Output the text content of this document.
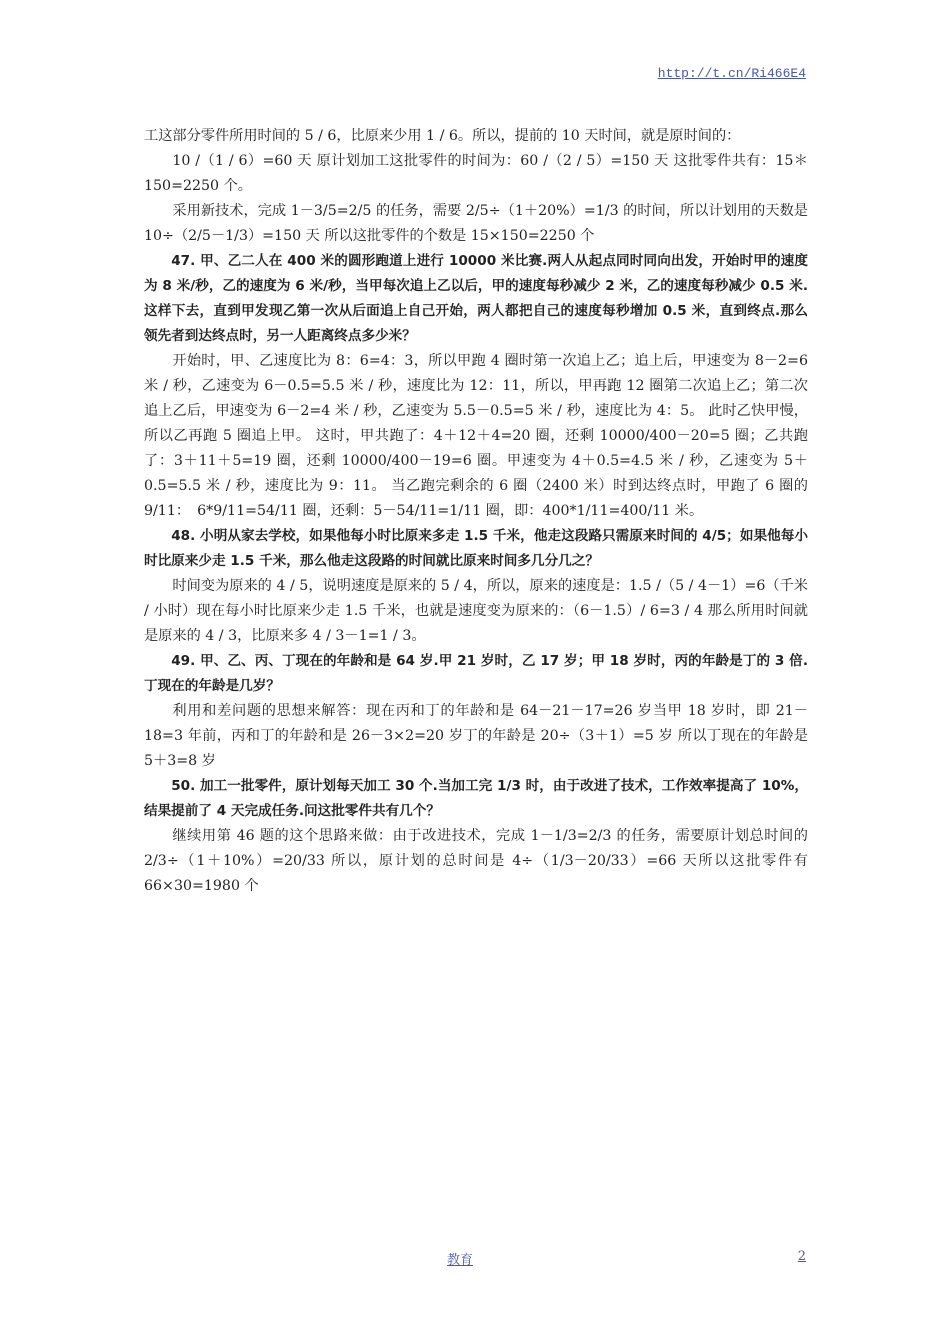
http://t.cn/Ri466E4

工这部分零件所用时间的 5 / 6，比原来少用 1 / 6。所以，提前的 10 天时间，就是原时间的：

10 /（1 / 6）=60 天 原计划加工这批零件的时间为：60 /（2 / 5）=150 天 这批零件共有：15＊150=2250 个。

采用新技术，完成 1－3/5=2/5 的任务，需要 2/5÷（1＋20%）=1/3 的时间，所以计划用的天数是 10÷（2/5－1/3）=150 天 所以这批零件的个数是 15×150=2250 个

47. 甲、乙二人在 400 米的圆形跑道上进行 10000 米比赛.两人从起点同时同向出发，开始时甲的速度为 8 米/秒，乙的速度为 6 米/秒，当甲每次追上乙以后，甲的速度每秒减少 2 米，乙的速度每秒减少 0.5 米.这样下去，直到甲发现乙第一次从后面追上自己开始，两人都把自己的速度每秒增加 0.5 米，直到终点.那么领先者到达终点时，另一人距离终点多少米？

开始时，甲、乙速度比为 8：6=4：3，所以甲跑 4 圈时第一次追上乙；追上后，甲速变为 8－2=6 米 / 秒，乙速变为 6－0.5=5.5 米 / 秒，速度比为 12：11，所以，甲再跑 12 圈第二次追上乙；第二次追上乙后，甲速变为 6－2=4 米 / 秒，乙速变为 5.5－0.5=5 米 / 秒，速度比为 4：5。 此时乙快甲慢，所以乙再跑 5 圈追上甲。 这时，甲共跑了：4＋12＋4=20 圈，还剩 10000/400－20=5 圈；乙共跑了：3＋11＋5=19 圈，还剩 10000/400－19=6 圈。甲速变为 4＋0.5=4.5 米 / 秒，乙速变为 5＋0.5=5.5 米 / 秒，速度比为 9：11。 当乙跑完剩余的 6 圈（2400 米）时到达终点时，甲跑了 6 圈的 9/11：　6*9/11=54/11 圈，还剩：5－54/11=1/11 圈，即：400*1/11=400/11 米。

48. 小明从家去学校，如果他每小时比原来多走 1.5 千米，他走这段路只需原来时间的 4/5；如果他每小时比原来少走 1.5 千米，那么他走这段路的时间就比原来时间多几分几之？

时间变为原来的 4 / 5，说明速度是原来的 5 / 4，所以，原来的速度是：1.5 /（5 / 4－1）=6（千米 / 小时）现在每小时比原来少走 1.5 千米，也就是速度变为原来的：（6－1.5）/ 6=3 / 4 那么所用时间就是原来的 4 / 3，比原来多 4 / 3－1=1 / 3。

49. 甲、乙、丙、丁现在的年龄和是 64 岁.甲 21 岁时，乙 17 岁；甲 18 岁时，丙的年龄是丁的 3 倍.丁现在的年龄是几岁？

利用和差问题的思想来解答：现在丙和丁的年龄和是 64－21－17=26 岁当甲 18 岁时，即 21－18=3 年前，丙和丁的年龄和是 26－3×2=20 岁丁的年龄是 20÷（3＋1）=5 岁 所以丁现在的年龄是 5＋3=8 岁

50. 加工一批零件，原计划每天加工 30 个.当加工完 1/3 时，由于改进了技术，工作效率提高了 10%，结果提前了 4 天完成任务.问这批零件共有几个？

继续用第 46 题的这个思路来做：由于改进技术，完成 1－1/3=2/3 的任务，需要原计划总时间的 2/3÷（1＋10%）=20/33 所以，原计划的总时间是 4÷（1/3－20/33）=66 天所以这批零件有 66×30=1980 个

教育	2
